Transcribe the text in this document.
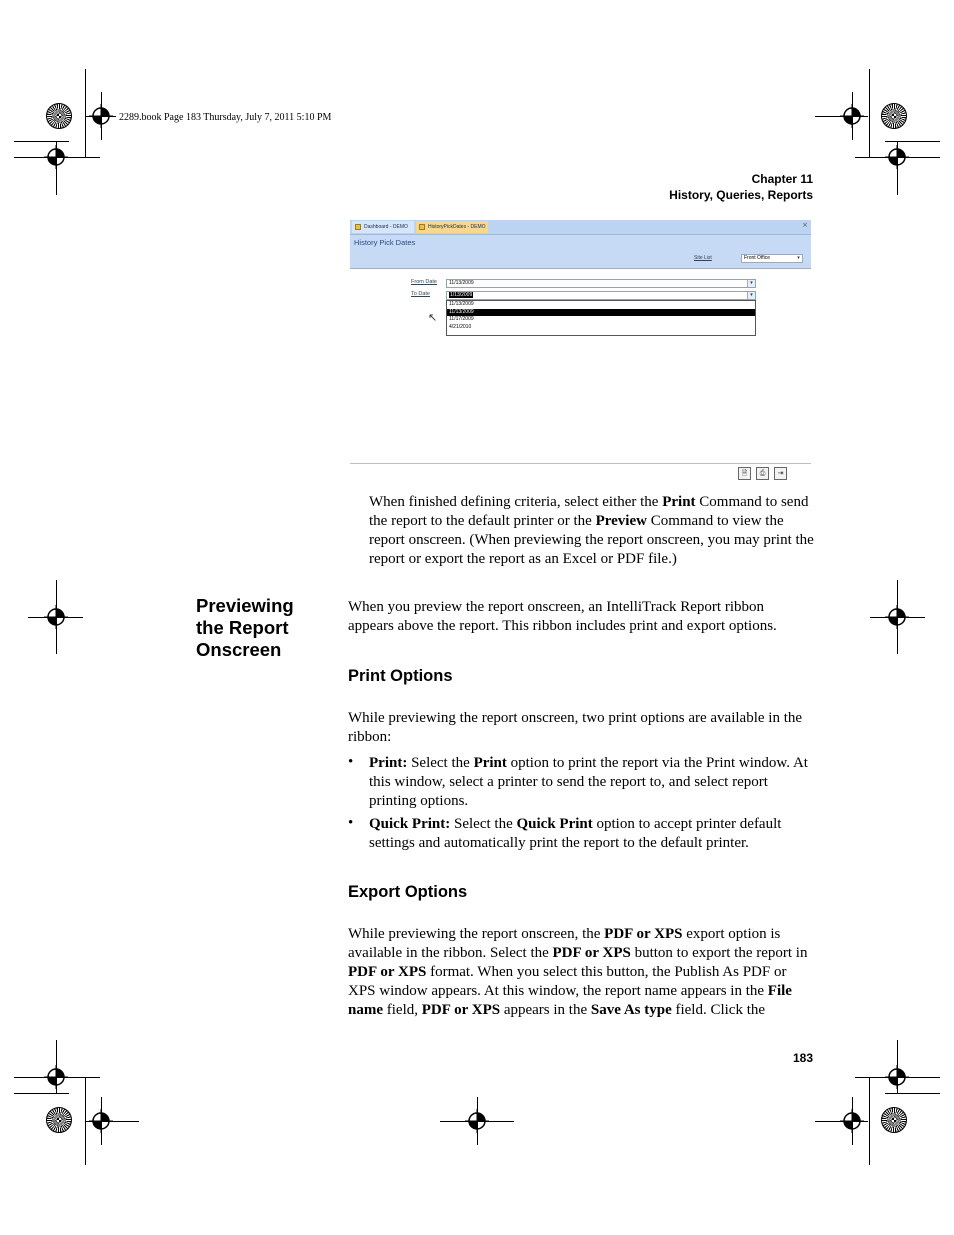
2289.book Page 183 Thursday, July 7, 2011 5:10 PM
Chapter 11
History, Queries, Reports
Dashboard - DEMO	HistoryPickDates - DEMO	×
History Pick Dates
Site List	Front Office	▾
From Date	11/13/2009	▾
To Date	1/13/2009	▾
11/13/2009
11/13/2009
11/17/2009
4/21/2010
↖
🗎	⎙	⇥
When finished defining criteria, select either the Print Command to send the report to the default printer or the Preview Command to view the report onscreen. (When previewing the report onscreen, you may print the report or export the report as an Excel or PDF file.)
Previewing
the Report
Onscreen
When you preview the report onscreen, an IntelliTrack Report ribbon appears above the report. This ribbon includes print and export options.
Print Options
While previewing the report onscreen, two print options are available in the ribbon:
• Print: Select the Print option to print the report via the Print window. At this window, select a printer to send the report to, and select report printing options.
• Quick Print: Select the Quick Print option to accept printer default settings and automatically print the report to the default printer.
Export Options
While previewing the report onscreen, the PDF or XPS export option is available in the ribbon. Select the PDF or XPS button to export the report in PDF or XPS format. When you select this button, the Publish As PDF or XPS window appears. At this window, the report name appears in the File name field, PDF or XPS appears in the Save As type field. Click the
183
